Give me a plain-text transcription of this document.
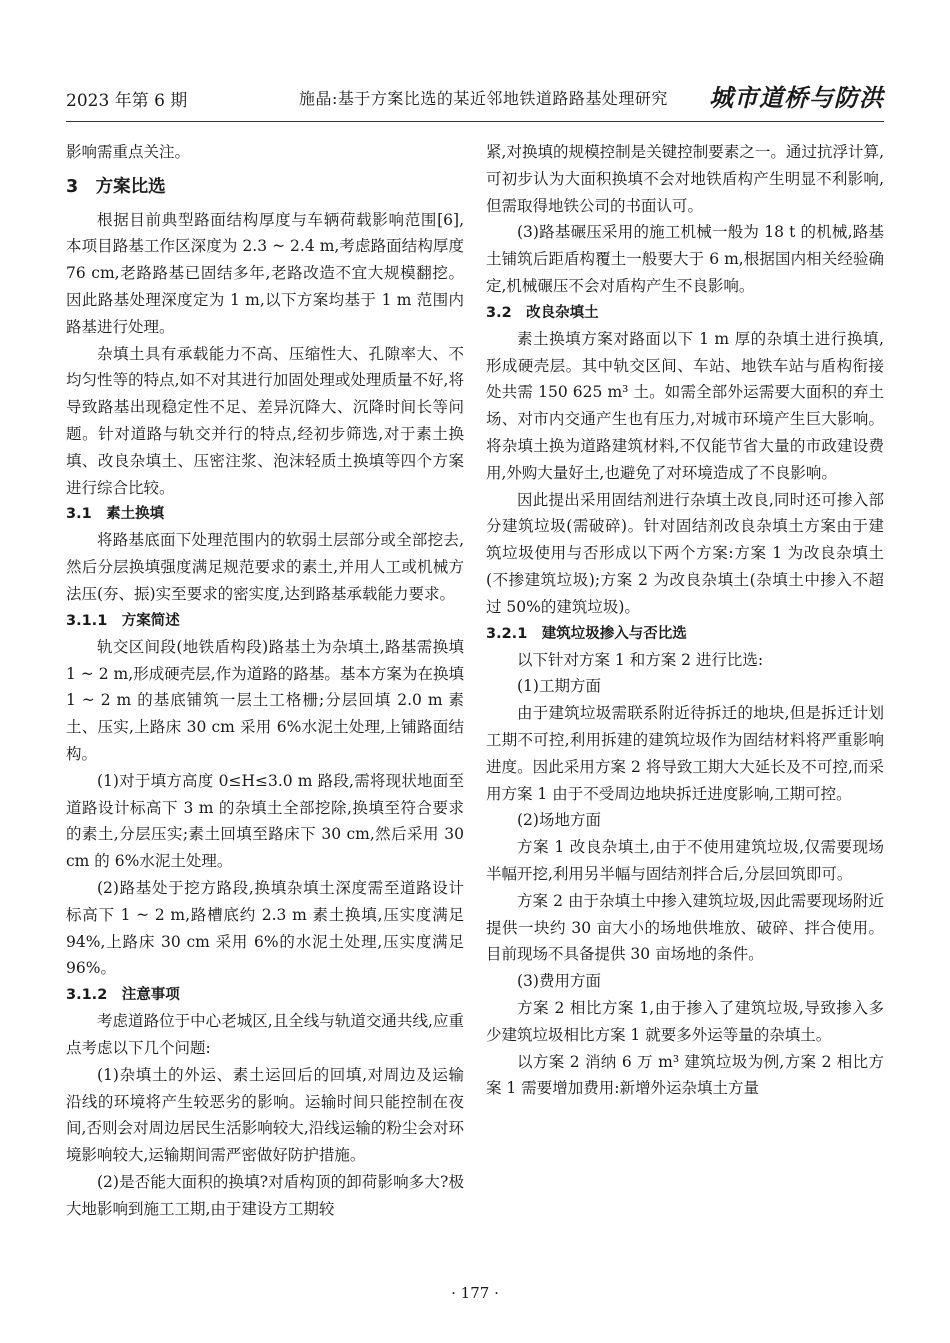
2023 年第 6 期	施晶:基于方案比选的某近邻地铁道路路基处理研究 城市道桥与防洪

影响需重点关注。

3　方案比选

根据目前典型路面结构厚度与车辆荷载影响范围[6],本项目路基工作区深度为 2.3 ~ 2.4 m,考虑路面结构厚度 76 cm,老路路基已固结多年,老路改造不宜大规模翻挖。因此路基处理深度定为 1 m,以下方案均基于 1 m 范围内路基进行处理。

杂填土具有承载能力不高、压缩性大、孔隙率大、不均匀性等的特点,如不对其进行加固处理或处理质量不好,将导致路基出现稳定性不足、差异沉降大、沉降时间长等问题。针对道路与轨交并行的特点,经初步筛选,对于素土换填、改良杂填土、压密注浆、泡沫轻质土换填等四个方案进行综合比较。

3.1　素土换填

将路基底面下处理范围内的软弱土层部分或全部挖去,然后分层换填强度满足规范要求的素土,并用人工或机械方法压(夯、振)实至要求的密实度,达到路基承载能力要求。

3.1.1　方案简述

轨交区间段(地铁盾构段)路基土为杂填土,路基需换填 1 ~ 2 m,形成硬壳层,作为道路的路基。基本方案为在换填 1 ~ 2 m 的基底铺筑一层土工格栅;分层回填 2.0 m 素土、压实,上路床 30 cm 采用 6%水泥土处理,上铺路面结构。

(1)对于填方高度 0≤H≤3.0 m 路段,需将现状地面至道路设计标高下 3 m 的杂填土全部挖除,换填至符合要求的素土,分层压实;素土回填至路床下 30 cm,然后采用 30 cm 的 6%水泥土处理。

(2)路基处于挖方路段,换填杂填土深度需至道路设计标高下 1 ~ 2 m,路槽底约 2.3 m 素土换填,压实度满足 94%,上路床 30 cm 采用 6%的水泥土处理,压实度满足 96%。

3.1.2　注意事项

考虑道路位于中心老城区,且全线与轨道交通共线,应重点考虑以下几个问题:

(1)杂填土的外运、素土运回后的回填,对周边及运输沿线的环境将产生较恶劣的影响。运输时间只能控制在夜间,否则会对周边居民生活影响较大,沿线运输的粉尘会对环境影响较大,运输期间需严密做好防护措施。

(2)是否能大面积的换填?对盾构顶的卸荷影响多大?极大地影响到施工工期,由于建设方工期较

紧,对换填的规模控制是关键控制要素之一。通过抗浮计算,可初步认为大面积换填不会对地铁盾构产生明显不利影响,但需取得地铁公司的书面认可。

(3)路基碾压采用的施工机械一般为 18 t 的机械,路基土铺筑后距盾构覆土一般要大于 6 m,根据国内相关经验确定,机械碾压不会对盾构产生不良影响。

3.2　改良杂填土

素土换填方案对路面以下 1 m 厚的杂填土进行换填,形成硬壳层。其中轨交区间、车站、地铁车站与盾构衔接处共需 150 625 m³ 土。如需全部外运需要大面积的弃土场、对市内交通产生也有压力,对城市环境产生巨大影响。将杂填土换为道路建筑材料,不仅能节省大量的市政建设费用,外购大量好土,也避免了对环境造成了不良影响。

因此提出采用固结剂进行杂填土改良,同时还可掺入部分建筑垃圾(需破碎)。针对固结剂改良杂填土方案由于建筑垃圾使用与否形成以下两个方案:方案 1 为改良杂填土(不掺建筑垃圾);方案 2 为改良杂填土(杂填土中掺入不超过 50%的建筑垃圾)。

3.2.1　建筑垃圾掺入与否比选

以下针对方案 1 和方案 2 进行比选:

(1)工期方面

由于建筑垃圾需联系附近待拆迁的地块,但是拆迁计划工期不可控,利用拆建的建筑垃圾作为固结材料将严重影响进度。因此采用方案 2 将导致工期大大延长及不可控,而采用方案 1 由于不受周边地块拆迁进度影响,工期可控。

(2)场地方面

方案 1 改良杂填土,由于不使用建筑垃圾,仅需要现场半幅开挖,利用另半幅与固结剂拌合后,分层回筑即可。

方案 2 由于杂填土中掺入建筑垃圾,因此需要现场附近提供一块约 30 亩大小的场地供堆放、破碎、拌合使用。目前现场不具备提供 30 亩场地的条件。

(3)费用方面

方案 2 相比方案 1,由于掺入了建筑垃圾,导致掺入多少建筑垃圾相比方案 1 就要多外运等量的杂填土。

以方案 2 消纳 6 万 m³ 建筑垃圾为例,方案 2 相比方案 1 需要增加费用:新增外运杂填土方量

· 177 ·
